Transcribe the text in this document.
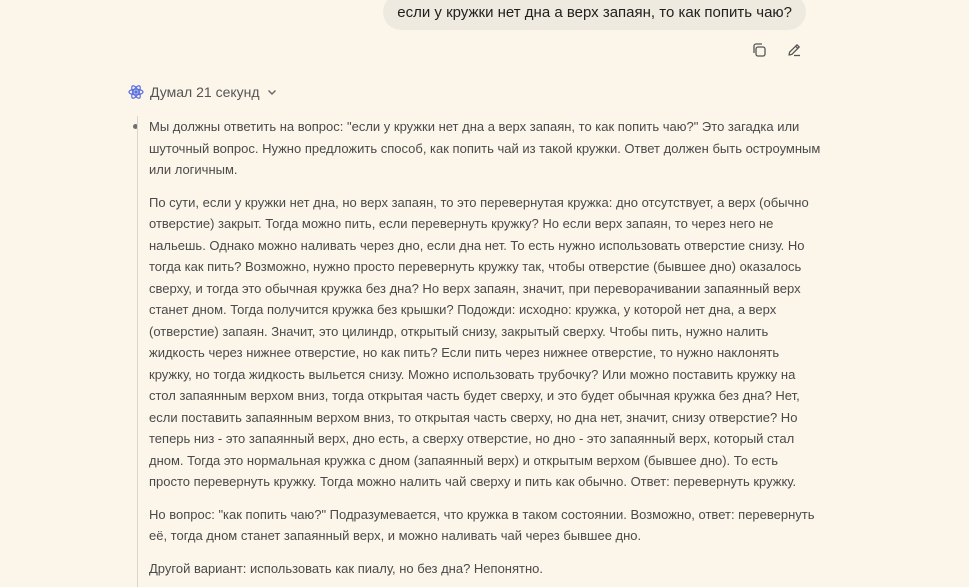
если у кружки нет дна а верх запаян, то как попить чаю?
Думал 21 секунд

Мы должны ответить на вопрос: "если у кружки нет дна а верх запаян, то как попить чаю?" Это загадка или шуточный вопрос. Нужно предложить способ, как попить чай из такой кружки. Ответ должен быть остроумным или логичным.

По сути, если у кружки нет дна, но верх запаян, то это перевернутая кружка: дно отсутствует, а верх (обычно отверстие) закрыт. Тогда можно пить, если перевернуть кружку? Но если верх запаян, то через него не нальешь. Однако можно наливать через дно, если дна нет. То есть нужно использовать отверстие снизу. Но тогда как пить? Возможно, нужно просто перевернуть кружку так, чтобы отверстие (бывшее дно) оказалось сверху, и тогда это обычная кружка без дна? Но верх запаян, значит, при переворачивании запаянный верх станет дном. Тогда получится кружка без крышки? Подожди: исходно: кружка, у которой нет дна, а верх (отверстие) запаян. Значит, это цилиндр, открытый снизу, закрытый сверху. Чтобы пить, нужно налить жидкость через нижнее отверстие, но как пить? Если пить через нижнее отверстие, то нужно наклонять кружку, но тогда жидкость выльется снизу. Можно использовать трубочку? Или можно поставить кружку на стол запаянным верхом вниз, тогда открытая часть будет сверху, и это будет обычная кружка без дна? Нет, если поставить запаянным верхом вниз, то открытая часть сверху, но дна нет, значит, снизу отверстие? Но теперь низ - это запаянный верх, дно есть, а сверху отверстие, но дно - это запаянный верх, который стал дном. Тогда это нормальная кружка с дном (запаянный верх) и открытым верхом (бывшее дно). То есть просто перевернуть кружку. Тогда можно налить чай сверху и пить как обычно. Ответ: перевернуть кружку.

Но вопрос: "как попить чаю?" Подразумевается, что кружка в таком состоянии. Возможно, ответ: перевернуть её, тогда дном станет запаянный верх, и можно наливать чай через бывшее дно.

Другой вариант: использовать как пиалу, но без дна? Непонятно.
